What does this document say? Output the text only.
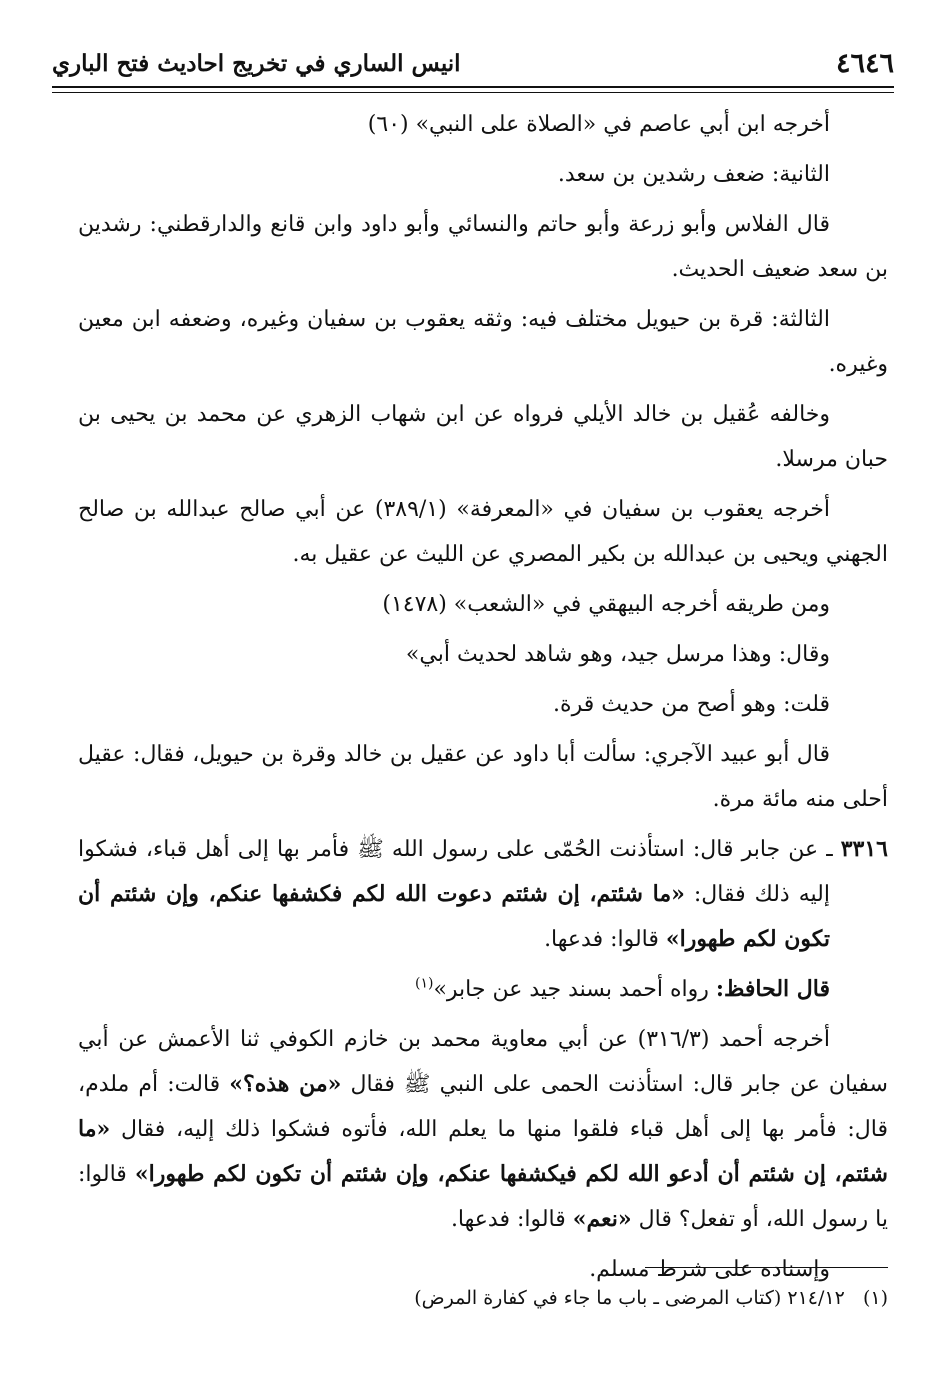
انيس الساري في تخريج احاديث فتح الباري	٤٦٤٦

أخرجه ابن أبي عاصم في «الصلاة على النبي» (٦٠)

الثانية: ضعف رشدين بن سعد.

قال الفلاس وأبو زرعة وأبو حاتم والنسائي وأبو داود وابن قانع والدارقطني: رشدين بن سعد ضعيف الحديث.

الثالثة: قرة بن حيويل مختلف فيه: وثقه يعقوب بن سفيان وغيره، وضعفه ابن معين وغيره.

وخالفه عُقيل بن خالد الأيلي فرواه عن ابن شهاب الزهري عن محمد بن يحيى بن حبان مرسلا.

أخرجه يعقوب بن سفيان في «المعرفة» (٣٨٩/١) عن أبي صالح عبدالله بن صالح الجهني ويحيى بن عبدالله بن بكير المصري عن الليث عن عقيل به.

ومن طريقه أخرجه البيهقي في «الشعب» (١٤٧٨)

وقال: وهذا مرسل جيد، وهو شاهد لحديث أبي»

قلت: وهو أصح من حديث قرة.

قال أبو عبيد الآجري: سألت أبا داود عن عقيل بن خالد وقرة بن حيويل، فقال: عقيل أحلى منه مائة مرة.

٣٣١٦ ـ عن جابر قال: استأذنت الحُمّى على رسول الله ﷺ فأمر بها إلى أهل قباء، فشكوا إليه ذلك فقال: «ما شئتم، إن شئتم دعوت الله لكم فكشفها عنكم، وإن شئتم أن تكون لكم طهورا» قالوا: فدعها.

قال الحافظ: رواه أحمد بسند جيد عن جابر»$^{(١)}$

أخرجه أحمد (٣١٦/٣) عن أبي معاوية محمد بن خازم الكوفي ثنا الأعمش عن أبي سفيان عن جابر قال: استأذنت الحمى على النبي ﷺ فقال «من هذه؟» قالت: أم ملدم، قال: فأمر بها إلى أهل قباء فلقوا منها ما يعلم الله، فأتوه فشكوا ذلك إليه، فقال «ما شئتم، إن شئتم أن أدعو الله لكم فيكشفها عنكم، وإن شئتم أن تكون لكم طهورا» قالوا: يا رسول الله، أو تفعل؟ قال «نعم» قالوا: فدعها.

وإسناده على شرط مسلم.

(١)   ٢١٤/١٢ (كتاب المرضى ـ باب ما جاء في كفارة المرض)
